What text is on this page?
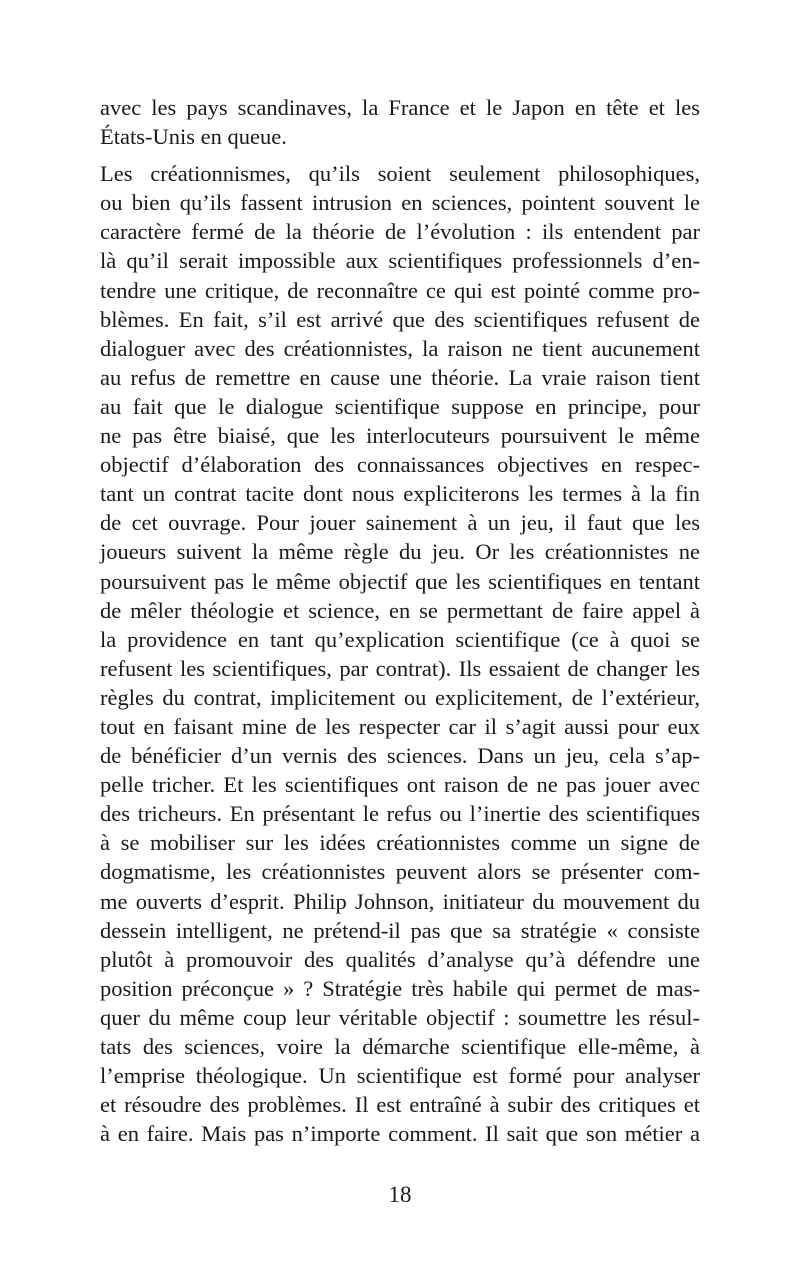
avec les pays scandinaves, la France et le Japon en tête et les
États-Unis en queue.
Les créationnismes, qu’ils soient seulement philosophiques,
ou bien qu’ils fassent intrusion en sciences, pointent souvent le
caractère fermé de la théorie de l’évolution : ils entendent par
là qu’il serait impossible aux scientifiques professionnels d’en-
tendre une critique, de reconnaître ce qui est pointé comme pro-
blèmes. En fait, s’il est arrivé que des scientifiques refusent de
dialoguer avec des créationnistes, la raison ne tient aucunement
au refus de remettre en cause une théorie. La vraie raison tient
au fait que le dialogue scientifique suppose en principe, pour
ne pas être biaisé, que les interlocuteurs poursuivent le même
objectif d’élaboration des connaissances objectives en respec-
tant un contrat tacite dont nous expliciterons les termes à la fin
de cet ouvrage. Pour jouer sainement à un jeu, il faut que les
joueurs suivent la même règle du jeu. Or les créationnistes ne
poursuivent pas le même objectif que les scientifiques en tentant
de mêler théologie et science, en se permettant de faire appel à
la providence en tant qu’explication scientifique (ce à quoi se
refusent les scientifiques, par contrat). Ils essaient de changer les
règles du contrat, implicitement ou explicitement, de l’extérieur,
tout en faisant mine de les respecter car il s’agit aussi pour eux
de bénéficier d’un vernis des sciences. Dans un jeu, cela s’ap-
pelle tricher. Et les scientifiques ont raison de ne pas jouer avec
des tricheurs. En présentant le refus ou l’inertie des scientifiques
à se mobiliser sur les idées créationnistes comme un signe de
dogmatisme, les créationnistes peuvent alors se présenter com-
me ouverts d’esprit. Philip Johnson, initiateur du mouvement du
dessein intelligent, ne prétend-il pas que sa stratégie « consiste
plutôt à promouvoir des qualités d’analyse qu’à défendre une
position préconçue » ? Stratégie très habile qui permet de mas-
quer du même coup leur véritable objectif : soumettre les résul-
tats des sciences, voire la démarche scientifique elle-même, à
l’emprise théologique. Un scientifique est formé pour analyser
et résoudre des problèmes. Il est entraîné à subir des critiques et
à en faire. Mais pas n’importe comment. Il sait que son métier a
18
